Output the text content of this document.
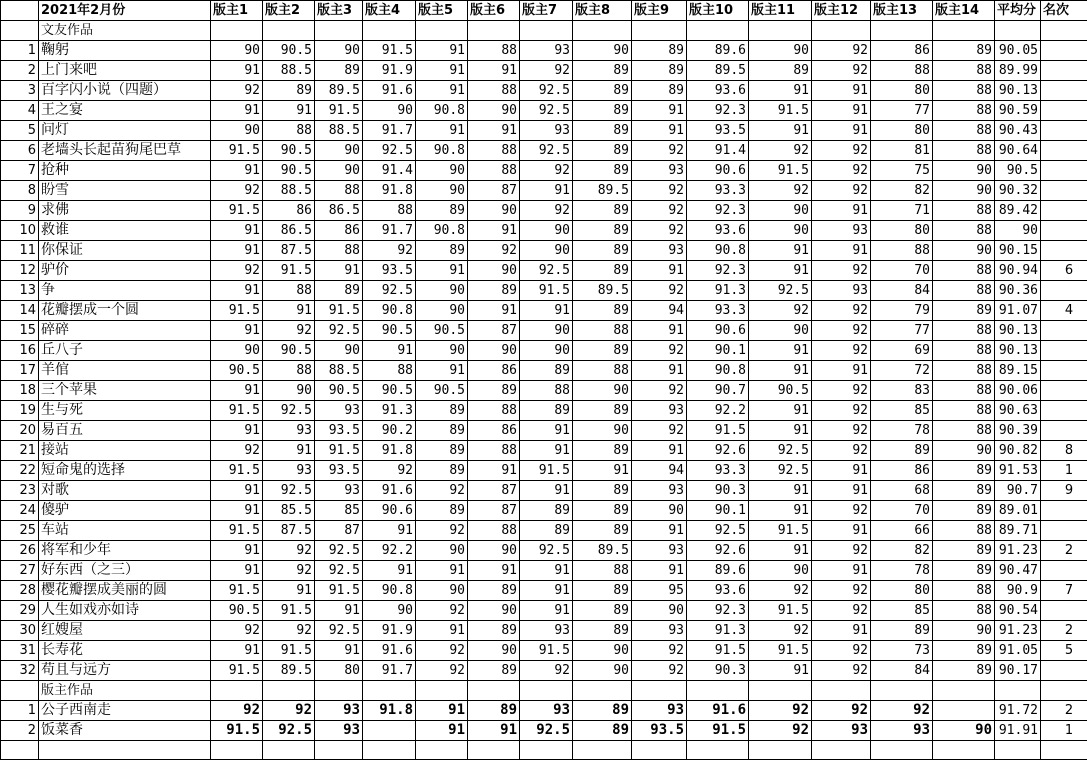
	2021年2月份	版主1	版主2	版主3	版主4	版主5	版主6	版主7	版主8	版主9	版主10	版主11	版主12	版主13	版主14	平均分	名次	
	文友作品																	
1	鞠躬	90	90.5	90	91.5	91	88	93	90	89	89.6	90	92	86	89	90.05		
2	上门来吧	91	88.5	89	91.9	91	91	92	89	89	89.5	89	92	88	88	89.99		
3	百字闪小说（四题）	92	89	89.5	91.6	91	88	92.5	89	89	93.6	91	91	80	88	90.13		
4	王之宴	91	91	91.5	90	90.8	90	92.5	89	91	92.3	91.5	91	77	88	90.59		
5	问灯	90	88	88.5	91.7	91	91	93	89	91	93.5	91	91	80	88	90.43		
6	老墙头长起苗狗尾巴草	91.5	90.5	90	92.5	90.8	88	92.5	89	92	91.4	92	92	81	88	90.64		
7	抢种	91	90.5	90	91.4	90	88	92	89	93	90.6	91.5	92	75	90	90.5		
8	盼雪	92	88.5	88	91.8	90	87	91	89.5	92	93.3	92	92	82	90	90.32		
9	求佛	91.5	86	86.5	88	89	90	92	89	92	92.3	90	91	71	88	89.42		
10	救谁	91	86.5	86	91.7	90.8	91	90	89	92	93.6	90	93	80	88	90		
11	你保证	91	87.5	88	92	89	92	90	89	93	90.8	91	91	88	90	90.15		
12	驴价	92	91.5	91	93.5	91	90	92.5	89	91	92.3	91	92	70	88	90.94	6	
13	争	91	88	89	92.5	90	89	91.5	89.5	92	91.3	92.5	93	84	88	90.36		
14	花瓣摆成一个圆	91.5	91	91.5	90.8	90	91	91	89	94	93.3	92	92	79	89	91.07	4	
15	碎碎	91	92	92.5	90.5	90.5	87	90	88	91	90.6	90	92	77	88	90.13		
16	丘八子	90	90.5	90	91	90	90	90	89	92	90.1	91	92	69	88	90.13		
17	羊倌	90.5	88	88.5	88	91	86	89	88	91	90.8	91	91	72	88	89.15		
18	三个苹果	91	90	90.5	90.5	90.5	89	88	90	92	90.7	90.5	92	83	88	90.06		
19	生与死	91.5	92.5	93	91.3	89	88	89	89	93	92.2	91	92	85	88	90.63		
20	易百五	91	93	93.5	90.2	89	86	91	90	92	91.5	91	92	78	88	90.39		
21	接站	92	91	91.5	91.8	89	88	91	89	91	92.6	92.5	92	89	90	90.82	8	
22	短命鬼的选择	91.5	93	93.5	92	89	91	91.5	91	94	93.3	92.5	91	86	89	91.53	1	
23	对歌	91	92.5	93	91.6	92	87	91	89	93	90.3	91	91	68	89	90.7	9	
24	傻驴	91	85.5	85	90.6	89	87	89	89	90	90.1	91	92	70	89	89.01		
25	车站	91.5	87.5	87	91	92	88	89	89	91	92.5	91.5	91	66	88	89.71		
26	将军和少年	91	92	92.5	92.2	90	90	92.5	89.5	93	92.6	91	92	82	89	91.23	2	
27	好东西（之三）	91	92	92.5	91	91	91	91	88	91	89.6	90	91	78	89	90.47		
28	樱花瓣摆成美丽的圆	91.5	91	91.5	90.8	90	89	91	89	95	93.6	92	92	80	88	90.9	7	
29	人生如戏亦如诗	90.5	91.5	91	90	92	90	91	89	90	92.3	91.5	92	85	88	90.54		
30	红嫂屋	92	92	92.5	91.9	91	89	93	89	93	91.3	92	91	89	90	91.23	2	
31	长寿花	91	91.5	91	91.6	92	90	91.5	90	92	91.5	91.5	92	73	89	91.05	5	
32	苟且与远方	91.5	89.5	80	91.7	92	89	92	90	92	90.3	91	92	84	89	90.17		
	版主作品																	
1	公子西南走	92	92	93	91.8	91	89	93	89	93	91.6	92	92	92		91.72	2	
2	饭菜香	91.5	92.5	93		91	91	92.5	89	93.5	91.5	92	93	93	90	91.91	1	
